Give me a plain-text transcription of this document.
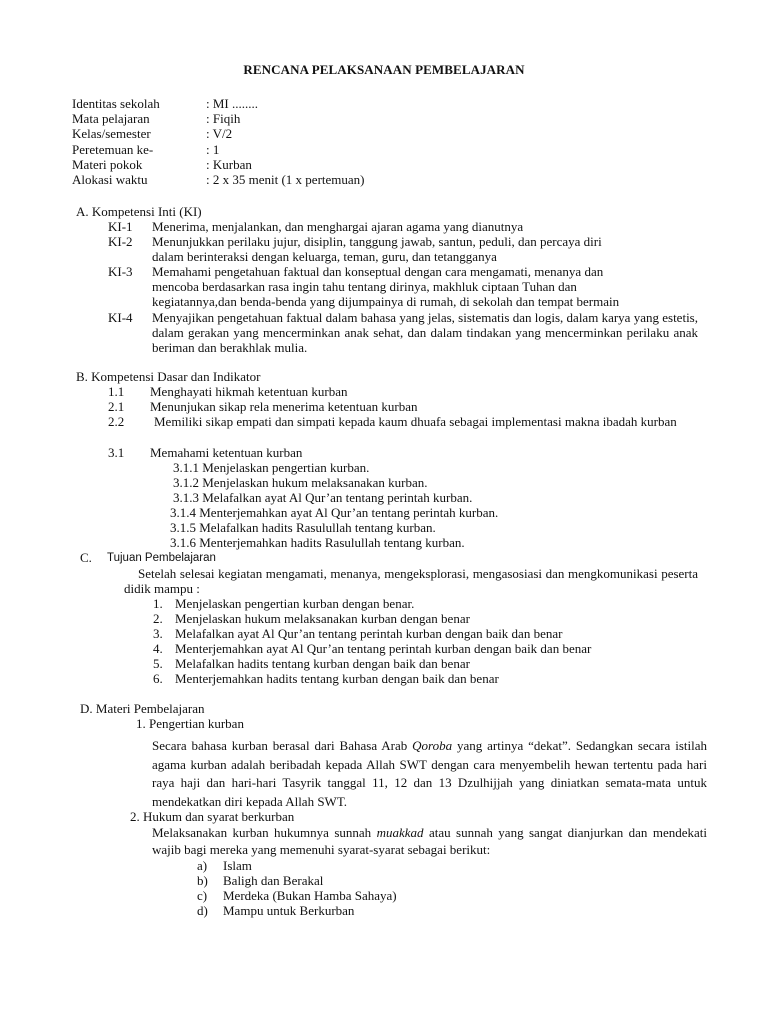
RENCANA PELAKSANAAN PEMBELAJARAN
Identitas sekolah	: MI ........
Mata pelajaran	: Fiqih
Kelas/semester	: V/2
Peretemuan ke-	: 1
Materi pokok	: Kurban
Alokasi waktu	: 2 x 35 menit (1 x pertemuan)
A. Kompetensi Inti (KI)
KI-1 Menerima, menjalankan, dan menghargai ajaran agama yang dianutnya
KI-2 Menunjukkan perilaku jujur, disiplin, tanggung jawab, santun, peduli, dan percaya diri
dalam berinteraksi dengan keluarga, teman, guru, dan tetangganya
KI-3 Memahami pengetahuan faktual dan konseptual dengan cara mengamati, menanya dan
mencoba berdasarkan rasa ingin tahu tentang dirinya, makhluk ciptaan Tuhan dan
kegiatannya,dan benda-benda yang dijumpainya di rumah, di sekolah dan tempat bermain
KI-4 Menyajikan pengetahuan faktual dalam bahasa yang jelas, sistematis dan logis, dalam karya yang estetis, dalam gerakan yang mencerminkan anak sehat, dan dalam tindakan yang mencerminkan perilaku anak beriman dan berakhlak mulia.
B. Kompetensi Dasar dan Indikator
1.1 Menghayati hikmah ketentuan kurban
2.1 Menunjukan sikap rela menerima ketentuan kurban
2.2	Memiliki sikap empati dan simpati kepada kaum dhuafa sebagai implementasi makna ibadah kurban
3.1 Memahami ketentuan kurban
3.1.1 Menjelaskan pengertian kurban.
3.1.2 Menjelaskan hukum melaksanakan kurban.
3.1.3 Melafalkan ayat Al Qur’an tentang perintah kurban.
3.1.4 Menterjemahkan ayat Al Qur’an tentang perintah kurban.
3.1.5 Melafalkan hadits Rasulullah tentang kurban.
3.1.6 Menterjemahkan hadits Rasulullah tentang kurban.
C. Tujuan Pembelajaran
Setelah selesai kegiatan mengamati, menanya, mengeksplorasi, mengasosiasi dan mengkomunikasi peserta didik mampu :
1. Menjelaskan pengertian kurban dengan benar.
2. Menjelaskan hukum melaksanakan kurban dengan benar
3. Melafalkan ayat Al Qur’an tentang perintah kurban dengan baik dan benar
4. Menterjemahkan ayat Al Qur’an tentang perintah kurban dengan baik dan benar
5. Melafalkan hadits tentang kurban dengan baik dan benar
6. Menterjemahkan hadits tentang kurban dengan baik dan benar
D. Materi Pembelajaran
1. Pengertian kurban
Secara bahasa kurban berasal dari Bahasa Arab Qoroba yang artinya “dekat”. Sedangkan secara istilah agama kurban adalah beribadah kepada Allah SWT dengan cara menyembelih hewan tertentu pada hari raya haji dan hari-hari Tasyrik tanggal 11, 12 dan 13 Dzulhijjah yang diniatkan semata-mata untuk mendekatkan diri kepada Allah SWT.
2. Hukum dan syarat berkurban
Melaksanakan kurban hukumnya sunnah muakkad atau sunnah yang sangat dianjurkan dan mendekati wajib bagi mereka yang memenuhi syarat-syarat sebagai berikut:
a) Islam
b) Baligh dan Berakal
c) Merdeka (Bukan Hamba Sahaya)
d) Mampu untuk Berkurban
